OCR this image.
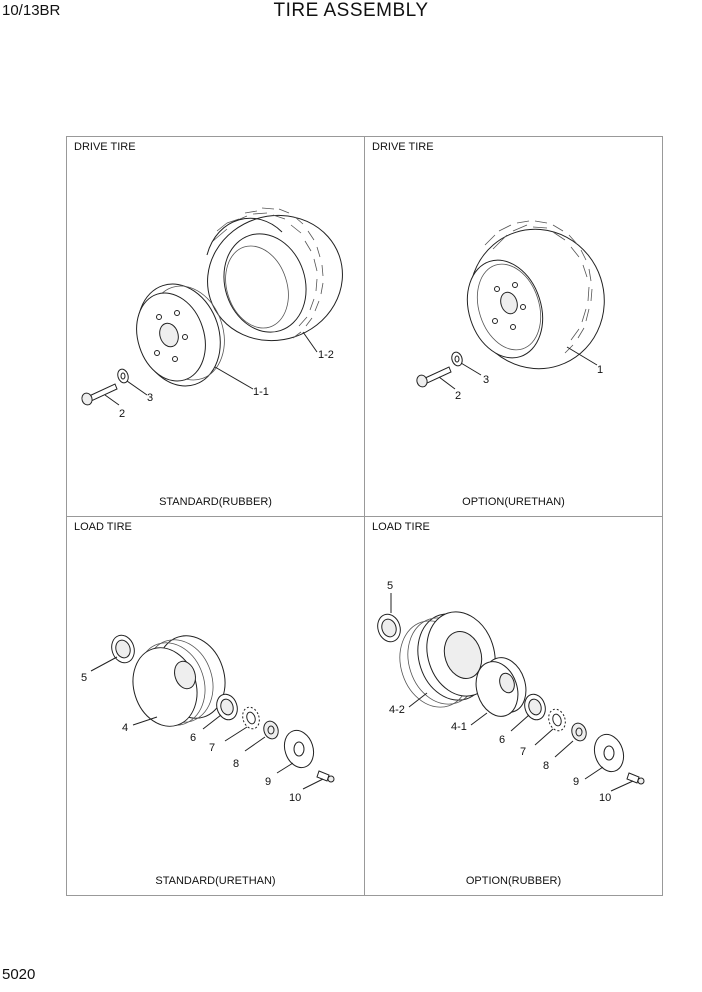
10/13BR	TIRE ASSEMBLY
DRIVE TIRE
1-2
1-1
3
2
STANDARD(RUBBER)
DRIVE TIRE
1
3
2
OPTION(URETHAN)
LOAD TIRE
5
4
6
7
8
9
10
STANDARD(URETHAN)
LOAD TIRE
5
4-2
4-1
6
7
8
9
10
OPTION(RUBBER)
5020
